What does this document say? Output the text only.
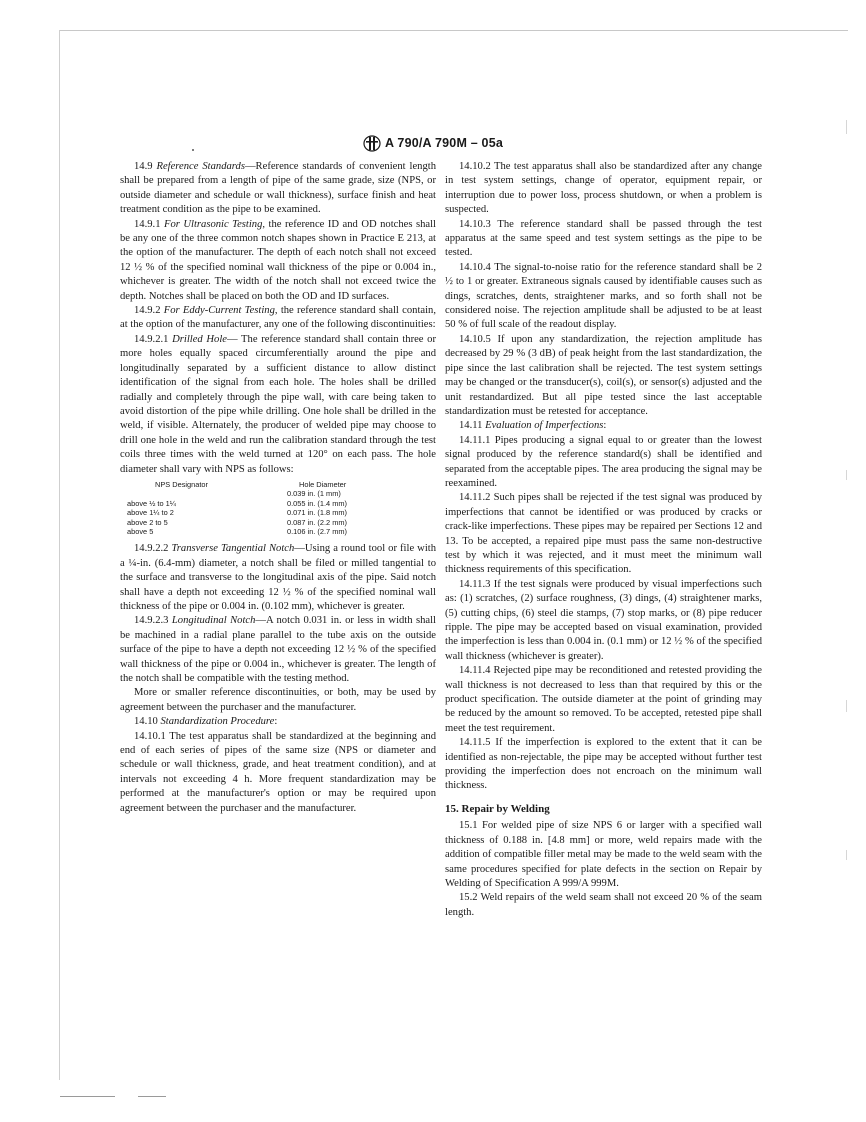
A 790/A 790M – 05a

14.9 Reference Standards—Reference standards of convenient length shall be prepared from a length of pipe of the same grade, size (NPS, or outside diameter and schedule or wall thickness), surface finish and heat treatment condition as the pipe to be examined.

14.9.1 For Ultrasonic Testing, the reference ID and OD notches shall be any one of the three common notch shapes shown in Practice E 213, at the option of the manufacturer. The depth of each notch shall not exceed 12 ½ % of the specified nominal wall thickness of the pipe or 0.004 in., whichever is greater. The width of the notch shall not exceed twice the depth. Notches shall be placed on both the OD and ID surfaces.

14.9.2 For Eddy-Current Testing, the reference standard shall contain, at the option of the manufacturer, any one of the following discontinuities:

14.9.2.1 Drilled Hole— The reference standard shall contain three or more holes equally spaced circumferentially around the pipe and longitudinally separated by a sufficient distance to allow distinct identification of the signal from each hole. The holes shall be drilled radially and completely through the pipe wall, with care being taken to avoid distortion of the pipe while drilling. One hole shall be drilled in the weld, if visible. Alternately, the producer of welded pipe may choose to drill one hole in the weld and run the calibration standard through the test coils three times with the weld turned at 120° on each pass. The hole diameter shall vary with NPS as follows:

NPS Designator	Hole Diameter
	0.039 in. (1 mm)
above ½ to 1¼	0.055 in. (1.4 mm)
above 1¼ to 2	0.071 in. (1.8 mm)
above 2 to 5	0.087 in. (2.2 mm)
above 5	0.106 in. (2.7 mm)

14.9.2.2 Transverse Tangential Notch—Using a round tool or file with a ¼-in. (6.4-mm) diameter, a notch shall be filed or milled tangential to the surface and transverse to the longitudinal axis of the pipe. Said notch shall have a depth not exceeding 12 ½ % of the specified nominal wall thickness of the pipe or 0.004 in. (0.102 mm), whichever is greater.

14.9.2.3 Longitudinal Notch—A notch 0.031 in. or less in width shall be machined in a radial plane parallel to the tube axis on the outside surface of the pipe to have a depth not exceeding 12 ½ % of the specified wall thickness of the pipe or 0.004 in., whichever is greater. The length of the notch shall be compatible with the testing method.

More or smaller reference discontinuities, or both, may be used by agreement between the purchaser and the manufacturer.

14.10 Standardization Procedure:

14.10.1 The test apparatus shall be standardized at the beginning and end of each series of pipes of the same size (NPS or diameter and schedule or wall thickness, grade, and heat treatment condition), and at intervals not exceeding 4 h. More frequent standardization may be performed at the manufacturer's option or may be required upon agreement between the purchaser and the manufacturer.

14.10.2 The test apparatus shall also be standardized after any change in test system settings, change of operator, equipment repair, or interruption due to power loss, process shutdown, or when a problem is suspected.

14.10.3 The reference standard shall be passed through the test apparatus at the same speed and test system settings as the pipe to be tested.

14.10.4 The signal-to-noise ratio for the reference standard shall be 2 ½ to 1 or greater. Extraneous signals caused by identifiable causes such as dings, scratches, dents, straightener marks, and so forth shall not be considered noise. The rejection amplitude shall be adjusted to be at least 50 % of full scale of the readout display.

14.10.5 If upon any standardization, the rejection amplitude has decreased by 29 % (3 dB) of peak height from the last standardization, the pipe since the last calibration shall be rejected. The test system settings may be changed or the transducer(s), coil(s), or sensor(s) adjusted and the unit restandardized. But all pipe tested since the last acceptable standardization must be retested for acceptance.

14.11 Evaluation of Imperfections:

14.11.1 Pipes producing a signal equal to or greater than the lowest signal produced by the reference standard(s) shall be identified and separated from the acceptable pipes. The area producing the signal may be reexamined.

14.11.2 Such pipes shall be rejected if the test signal was produced by imperfections that cannot be identified or was produced by cracks or crack-like imperfections. These pipes may be repaired per Sections 12 and 13. To be accepted, a repaired pipe must pass the same non-destructive test by which it was rejected, and it must meet the minimum wall thickness requirements of this specification.

14.11.3 If the test signals were produced by visual imperfections such as: (1) scratches, (2) surface roughness, (3) dings, (4) straightener marks, (5) cutting chips, (6) steel die stamps, (7) stop marks, or (8) pipe reducer ripple. The pipe may be accepted based on visual examination, provided the imperfection is less than 0.004 in. (0.1 mm) or 12 ½ % of the specified wall thickness (whichever is greater).

14.11.4 Rejected pipe may be reconditioned and retested providing the wall thickness is not decreased to less than that required by this or the product specification. The outside diameter at the point of grinding may be reduced by the amount so removed. To be accepted, retested pipe shall meet the test requirement.

14.11.5 If the imperfection is explored to the extent that it can be identified as non-rejectable, the pipe may be accepted without further test providing the imperfection does not encroach on the minimum wall thickness.

15. Repair by Welding

15.1 For welded pipe of size NPS 6 or larger with a specified wall thickness of 0.188 in. [4.8 mm] or more, weld repairs made with the addition of compatible filler metal may be made to the weld seam with the same procedures specified for plate defects in the section on Repair by Welding of Specification A 999/A 999M.

15.2 Weld repairs of the weld seam shall not exceed 20 % of the seam length.
